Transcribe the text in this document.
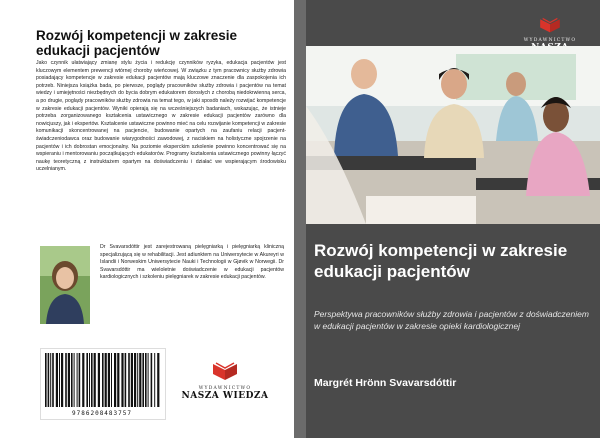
Rozwój kompetencji w zakresie edukacji pacjentów
Jako czynnik ułatwiający zmianę stylu życia i redukcję czynników ryzyka, edukacja pacjentów jest kluczowym elementem prewencji wtórnej choroby wieńcowej. W związku z tym pracownicy służby zdrowia posiadający kompetencje w zakresie edukacji pacjentów mają kluczowe znaczenie dla zaspokojenia ich potrzeb. Niniejsza książka bada, po pierwsze, poglądy pracowników służby zdrowia i pacjentów na temat wiedzy i umiejętności niezbędnych do bycia dobrym edukatorem dorosłych z chorobą niedokrwienną serca, a po drugie, poglądy pracowników służby zdrowia na temat tego, w jaki sposób należy rozwijać kompetencje w zakresie edukacji pacjentów. Wyniki opierają się na wcześniejszych badaniach, wskazując, że istnieje potrzeba zorganizowanego kształcenia ustawicznego w zakresie edukacji pacjentów zarówno dla nowicjuszy, jak i ekspertów. Kształcenie ustawiczne powinno mieć na celu rozwijanie kompetencji w zakresie komunikacji skoncentrowanej na pacjencie, budowanie opartych na zaufaniu relacji pacjent-świadczeniodawca oraz budowanie wiarygodności zawodowej, z naciskiem na holistyczne spojrzenie na pacjentów i ich dobrostan emocjonalny. Na poziomie eksperckim szkolenie powinno koncentrować się na wspieraniu i mentorowaniu początkujących edukatorów. Programy kształcenia ustawicznego powinny łączyć naukę teoretyczną z instruktażem opartym na doświadczeniu i działać we wspierającym środowisku uczelnianym.
Dr Svavarsdóttir jest zarejestrowaną pielęgniarką i pielęgniarką kliniczną specjalizującą się w rehabilitacji. Jest adiunktem na Uniwersytecie w Akureyri w Islandii i Norweskim Uniwersytecie Nauki i Technologii w Gjøvik w Norwegii. Dr Svavarsdóttir ma wieloletnie doświadczenie w edukacji pacjentów kardiologicznych i szkoleniu pielęgniarek w zakresie edukacji pacjentów.
9786208483757
WYDAWNICTWO
NASZA WIEDZA
WYDAWNICTWO
Rozwój kompetencji w zakresie edukacji pacjentów
Perspektywa pracowników służby zdrowia i pacjentów z doświadczeniem w edukacji pacjentów w zakresie opieki kardiologicznej
Margrét Hrönn Svavarsdóttir
